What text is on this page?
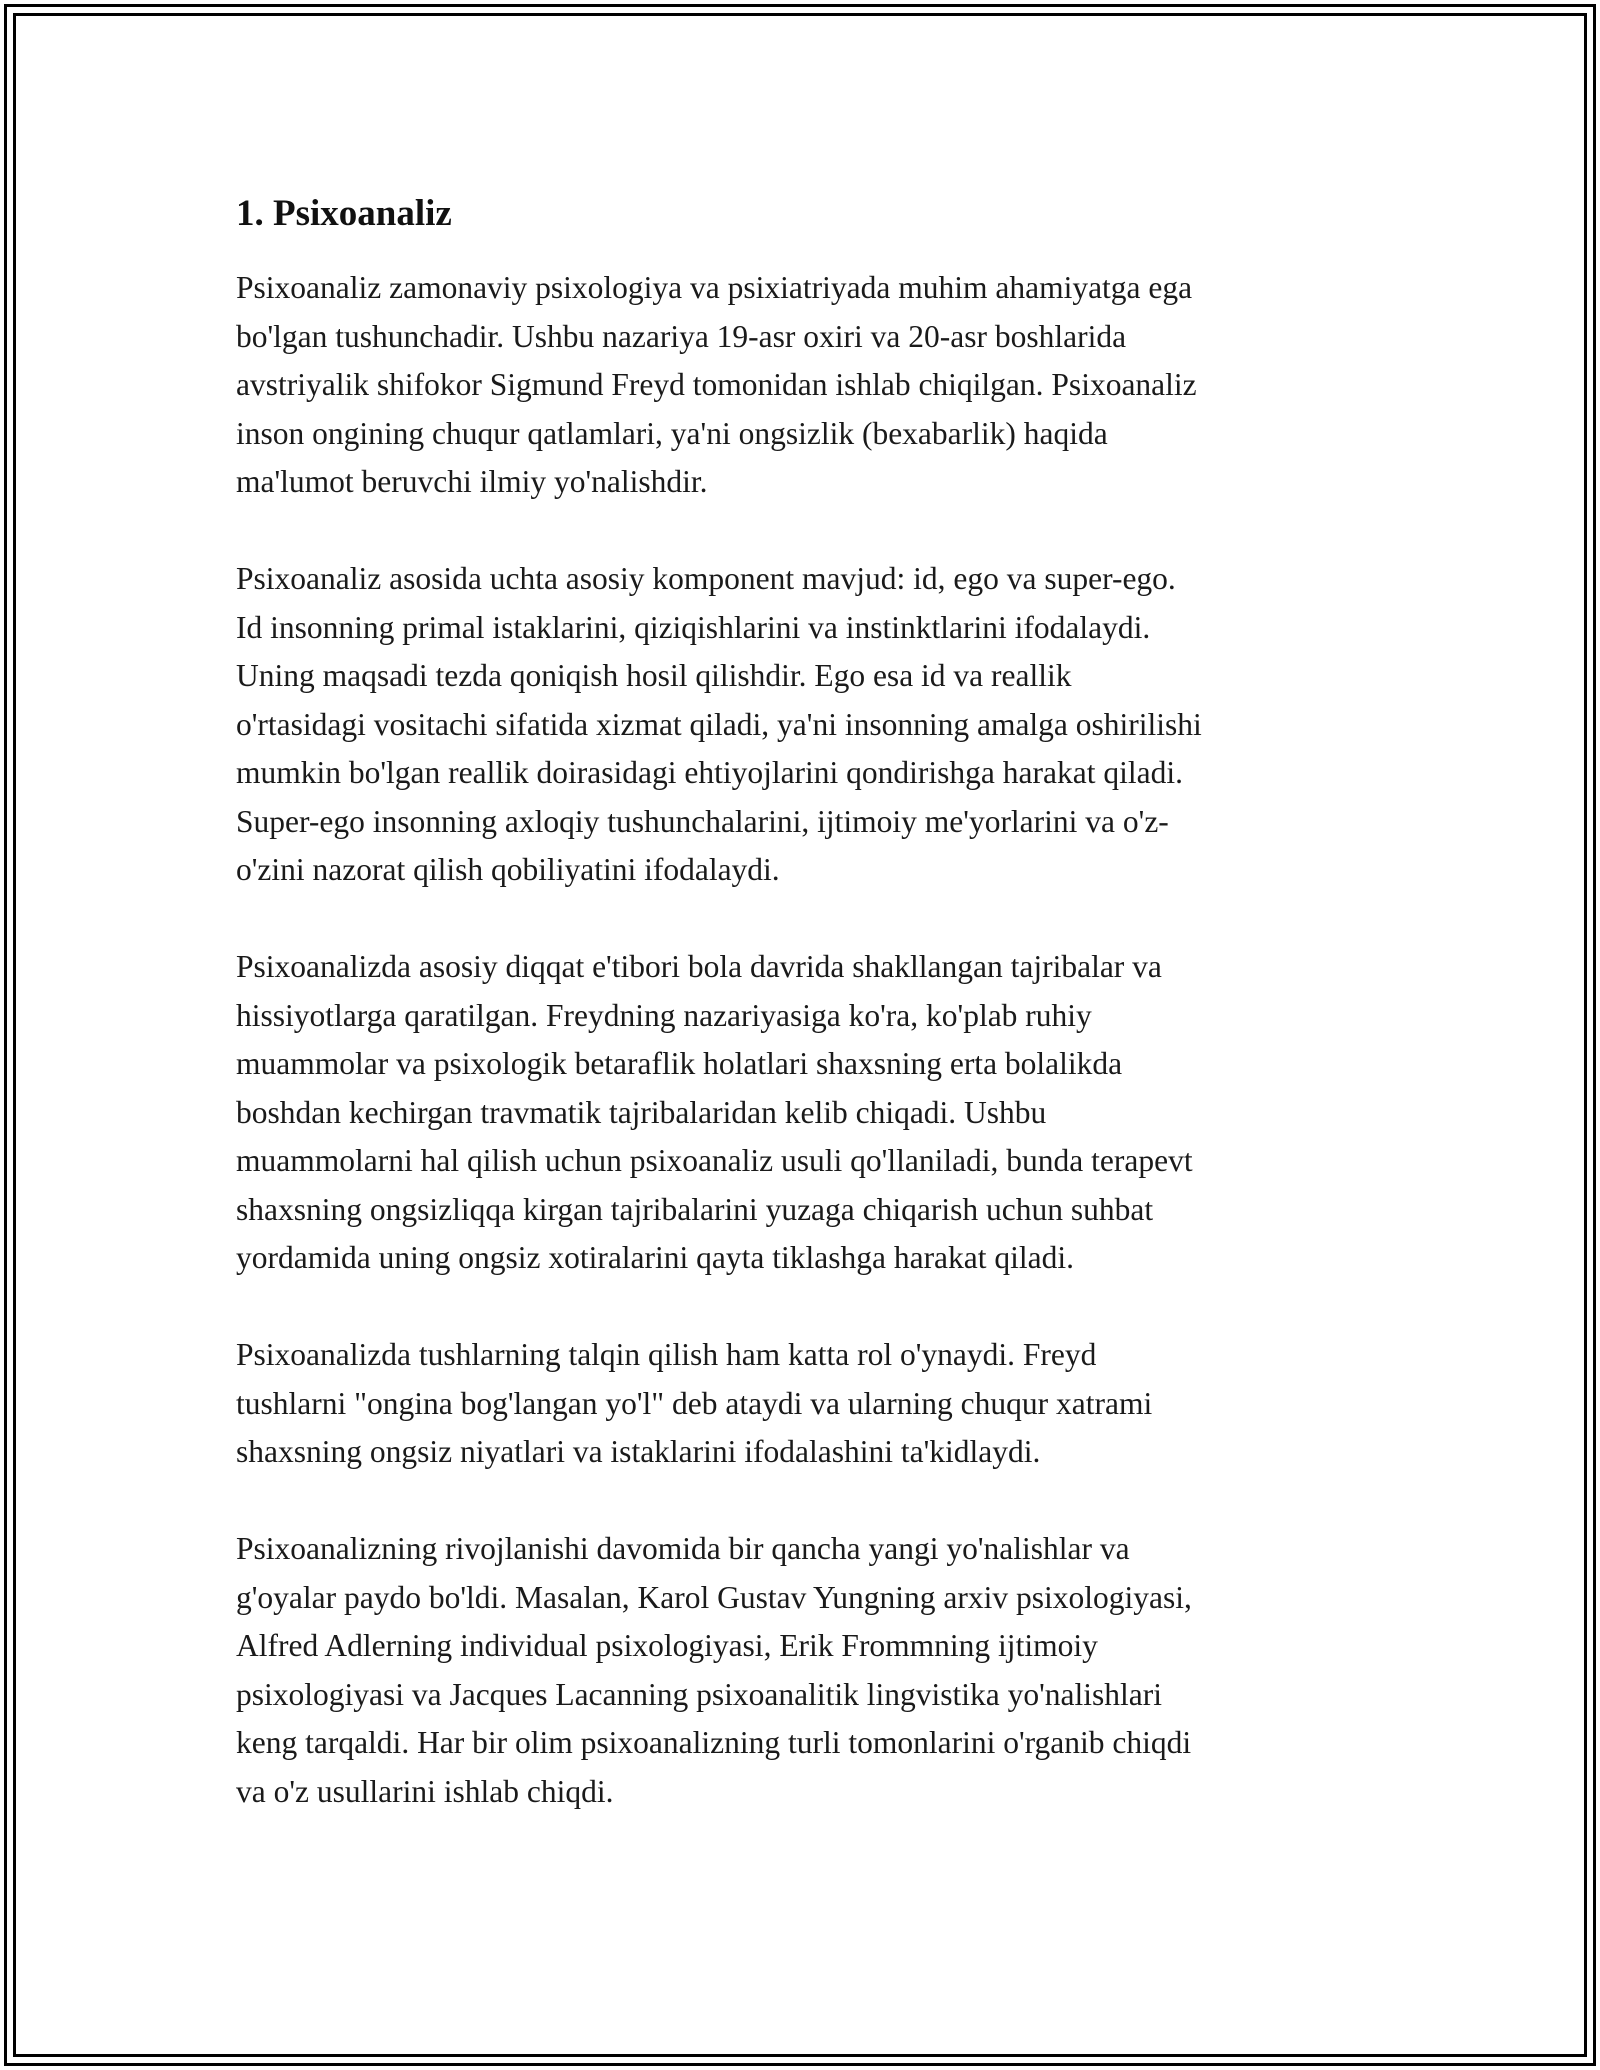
1. Psixoanaliz

Psixoanaliz zamonaviy psixologiya va psixiatriyada muhim ahamiyatga ega
bo'lgan tushunchadir. Ushbu nazariya 19-asr oxiri va 20-asr boshlarida
avstriyalik shifokor Sigmund Freyd tomonidan ishlab chiqilgan. Psixoanaliz
inson ongining chuqur qatlamlari, ya'ni ongsizlik (bexabarlik) haqida
ma'lumot beruvchi ilmiy yo'nalishdir.

Psixoanaliz asosida uchta asosiy komponent mavjud: id, ego va super-ego.
Id insonning primal istaklarini, qiziqishlarini va instinktlarini ifodalaydi.
Uning maqsadi tezda qoniqish hosil qilishdir. Ego esa id va reallik
o'rtasidagi vositachi sifatida xizmat qiladi, ya'ni insonning amalga oshirilishi
mumkin bo'lgan reallik doirasidagi ehtiyojlarini qondirishga harakat qiladi.
Super-ego insonning axloqiy tushunchalarini, ijtimoiy me'yorlarini va o'z-
o'zini nazorat qilish qobiliyatini ifodalaydi.

Psixoanalizda asosiy diqqat e'tibori bola davrida shakllangan tajribalar va
hissiyotlarga qaratilgan. Freydning nazariyasiga ko'ra, ko'plab ruhiy
muammolar va psixologik betaraflik holatlari shaxsning erta bolalikda
boshdan kechirgan travmatik tajribalaridan kelib chiqadi. Ushbu
muammolarni hal qilish uchun psixoanaliz usuli qo'llaniladi, bunda terapevt
shaxsning ongsizliqqa kirgan tajribalarini yuzaga chiqarish uchun suhbat
yordamida uning ongsiz xotiralarini qayta tiklashga harakat qiladi.

Psixoanalizda tushlarning talqin qilish ham katta rol o'ynaydi. Freyd
tushlarni "ongina bog'langan yo'l" deb ataydi va ularning chuqur xatrami
shaxsning ongsiz niyatlari va istaklarini ifodalashini ta'kidlaydi.

Psixoanalizning rivojlanishi davomida bir qancha yangi yo'nalishlar va
g'oyalar paydo bo'ldi. Masalan, Karol Gustav Yungning arxiv psixologiyasi,
Alfred Adlerning individual psixologiyasi, Erik Frommning ijtimoiy
psixologiyasi va Jacques Lacanning psixoanalitik lingvistika yo'nalishlari
keng tarqaldi. Har bir olim psixoanalizning turli tomonlarini o'rganib chiqdi
va o'z usullarini ishlab chiqdi.
